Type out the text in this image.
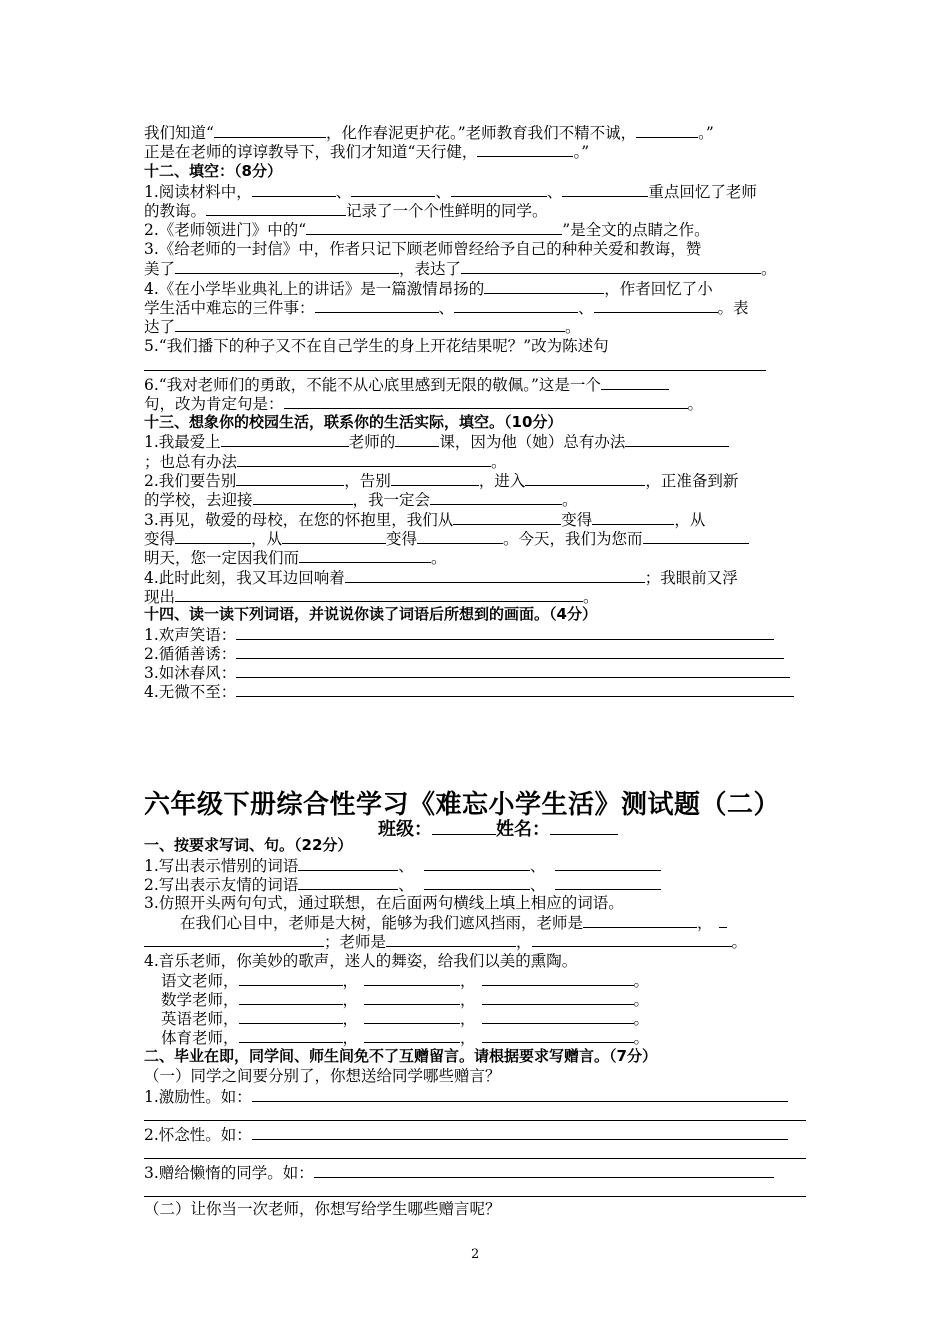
我们知道“	，化作春泥更护花。”老师教育我们不精不诚，	。”
正是在老师的谆谆教导下，我们才知道“天行健，	。”
十二、填空：（8分）
1.阅读材料中，	、	、	、	重点回忆了老师
的教诲。	记录了一个个性鲜明的同学。
2.《老师领进门》中的“	”是全文的点睛之作。
3.《给老师的一封信》中，作者只记下顾老师曾经给予自己的种种关爱和教诲，赞
美了	，表达了	。
4.《在小学毕业典礼上的讲话》是一篇激情昂扬的	，作者回忆了小
学生活中难忘的三件事：	、	、	。表
达了	。
5.“我们播下的种子又不在自己学生的身上开花结果呢？”改为陈述句
6.“我对老师们的勇敢，不能不从心底里感到无限的敬佩。”这是一个
句，改为肯定句是：	。
十三、想象你的校园生活，联系你的生活实际，填空。（10分）
1.我最爱上	老师的	课，因为他（她）总有办法
；也总有办法	。
2.我们要告别	，告别	，进入	，正准备到新
的学校，去迎接	，我一定会	。
3.再见，敬爱的母校，在您的怀抱里，我们从	变得	，从
变得	，从	变得	。今天，我们为您而
明天，您一定因我们而	。
4.此时此刻，我又耳边回响着	；我眼前又浮
现出	。
十四、读一读下列词语，并说说你读了词语后所想到的画面。（4分）
1.欢声笑语：
2.循循善诱：
3.如沐春风：
4.无微不至：
六年级下册综合性学习《难忘小学生活》测试题（二）
班级：	姓名：
一、按要求写词、句。（22分）
1.写出表示惜别的词语	、	、
2.写出表示友情的词语	、	、
3.仿照开头两句句式，通过联想，在后面两句横线上填上相应的词语。
在我们心目中，老师是大树，能够为我们遮风挡雨，老师是	，
；老师是	，	。
4.音乐老师，你美妙的歌声，迷人的舞姿，给我们以美的熏陶。
语文老师，	，	，	。
数学老师，	，	，	。
英语老师，	，	，	。
体育老师，	，	，	。
二、毕业在即，同学间、师生间免不了互赠留言。请根据要求写赠言。（7分）
（一）同学之间要分别了，你想送给同学哪些赠言？
1.激励性。如：
2.怀念性。如：
3.赠给懒惰的同学。如：
（二）让你当一次老师，你想写给学生哪些赠言呢？
2
